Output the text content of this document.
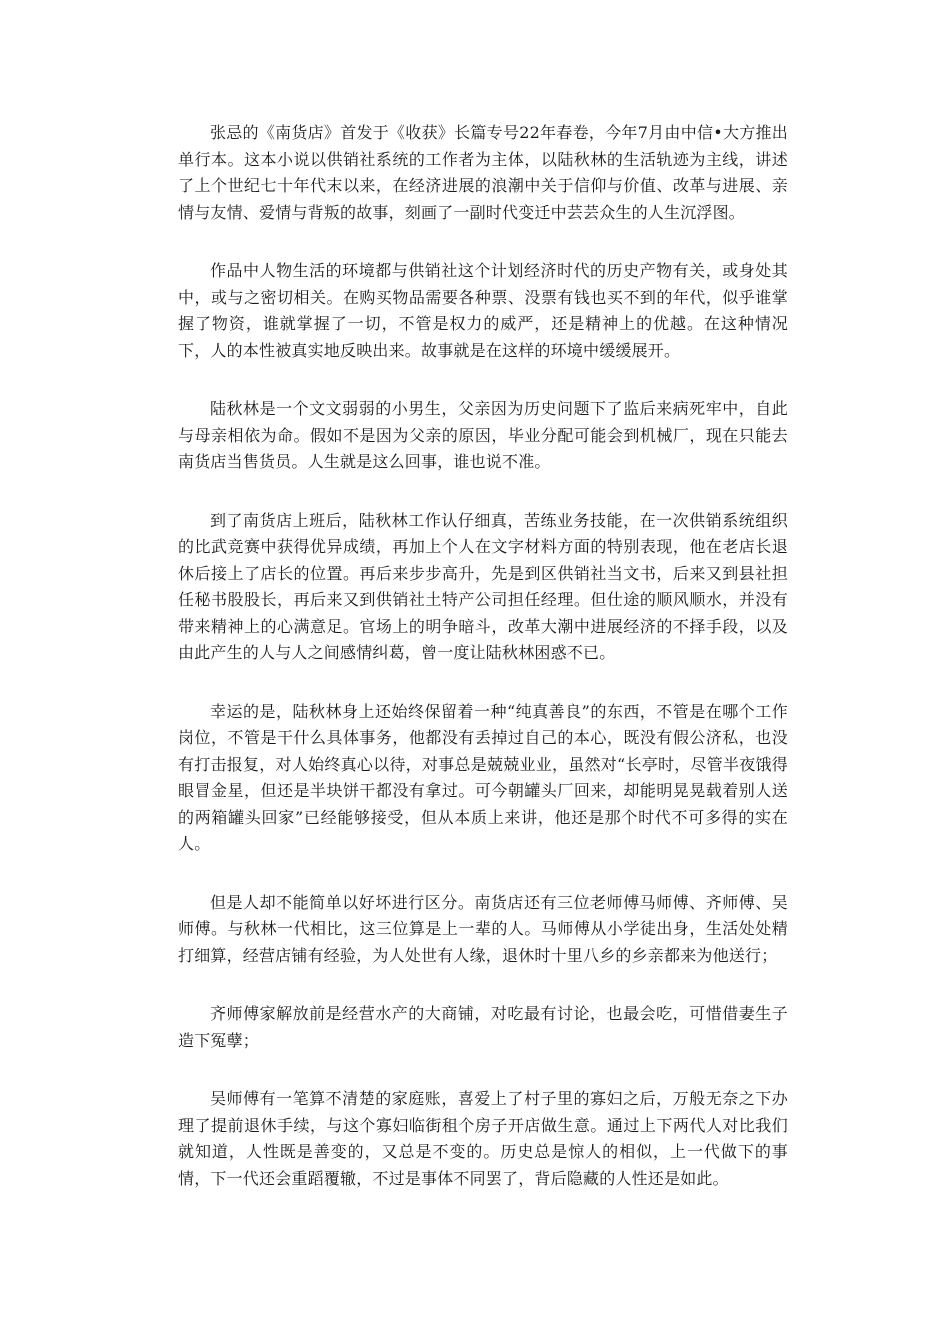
张忌的《南货店》首发于《收获》长篇专号22年春卷，今年7月由中信•大方推出单行本。这本小说以供销社系统的工作者为主体，以陆秋林的生活轨迹为主线，讲述了上个世纪七十年代末以来，在经济进展的浪潮中关于信仰与价值、改革与进展、亲情与友情、爱情与背叛的故事，刻画了一副时代变迁中芸芸众生的人生沉浮图。

作品中人物生活的环境都与供销社这个计划经济时代的历史产物有关，或身处其中，或与之密切相关。在购买物品需要各种票、没票有钱也买不到的年代，似乎谁掌握了物资，谁就掌握了一切，不管是权力的威严，还是精神上的优越。在这种情况下，人的本性被真实地反映出来。故事就是在这样的环境中缓缓展开。

陆秋林是一个文文弱弱的小男生，父亲因为历史问题下了监后来病死牢中，自此与母亲相依为命。假如不是因为父亲的原因，毕业分配可能会到机械厂，现在只能去南货店当售货员。人生就是这么回事，谁也说不准。

到了南货店上班后，陆秋林工作认仔细真，苦练业务技能，在一次供销系统组织的比武竞赛中获得优异成绩，再加上个人在文字材料方面的特别表现，他在老店长退休后接上了店长的位置。再后来步步高升，先是到区供销社当文书，后来又到县社担任秘书股股长，再后来又到供销社土特产公司担任经理。但仕途的顺风顺水，并没有带来精神上的心满意足。官场上的明争暗斗，改革大潮中进展经济的不择手段，以及由此产生的人与人之间感情纠葛，曾一度让陆秋林困惑不已。

幸运的是，陆秋林身上还始终保留着一种“纯真善良”的东西，不管是在哪个工作岗位，不管是干什么具体事务，他都没有丢掉过自己的本心，既没有假公济私，也没有打击报复，对人始终真心以待，对事总是兢兢业业，虽然对“长亭时，尽管半夜饿得眼冒金星，但还是半块饼干都没有拿过。可今朝罐头厂回来，却能明晃晃载着别人送的两箱罐头回家”已经能够接受，但从本质上来讲，他还是那个时代不可多得的实在人。

但是人却不能简单以好坏进行区分。南货店还有三位老师傅马师傅、齐师傅、吴师傅。与秋林一代相比，这三位算是上一辈的人。马师傅从小学徒出身，生活处处精打细算，经营店铺有经验，为人处世有人缘，退休时十里八乡的乡亲都来为他送行；

齐师傅家解放前是经营水产的大商铺，对吃最有讨论，也最会吃，可惜借妻生子造下冤孽；

吴师傅有一笔算不清楚的家庭账，喜爱上了村子里的寡妇之后，万般无奈之下办理了提前退休手续，与这个寡妇临街租个房子开店做生意。通过上下两代人对比我们就知道，人性既是善变的，又总是不变的。历史总是惊人的相似，上一代做下的事情，下一代还会重蹈覆辙，不过是事体不同罢了，背后隐藏的人性还是如此。
